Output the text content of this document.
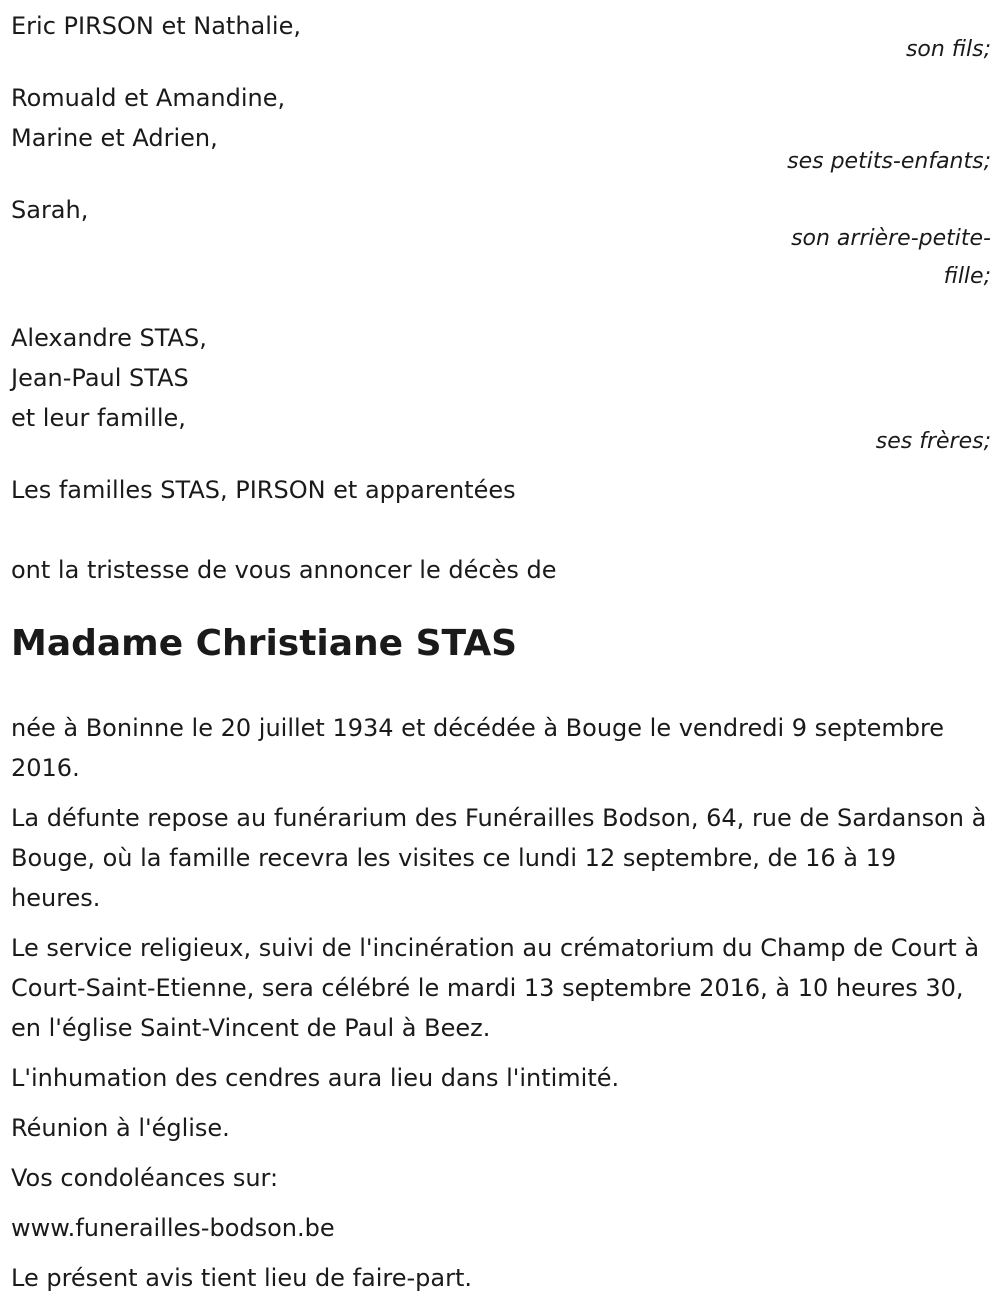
Eric PIRSON et Nathalie,
son fils;
Romuald et Amandine,
Marine et Adrien,
ses petits-enfants;
Sarah,
son arrière-petite-fille;
Alexandre STAS,
Jean-Paul STAS
et leur famille,
ses frères;
Les familles STAS, PIRSON et apparentées
ont la tristesse de vous annoncer le décès de
Madame Christiane STAS
née à Boninne le 20 juillet 1934 et décédée à Bouge le vendredi 9 septembre 2016.
La défunte repose au funérarium des Funérailles Bodson, 64, rue de Sardanson à Bouge, où la famille recevra les visites ce lundi 12 septembre, de 16 à 19 heures.
Le service religieux, suivi de l'incinération au crématorium du Champ de Court à Court-Saint-Etienne, sera célébré le mardi 13 septembre 2016, à 10 heures 30, en l'église Saint-Vincent de Paul à Beez.
L'inhumation des cendres aura lieu dans l'intimité.
Réunion à l'église.
Vos condoléances sur:
www.funerailles-bodson.be
Le présent avis tient lieu de faire-part.
